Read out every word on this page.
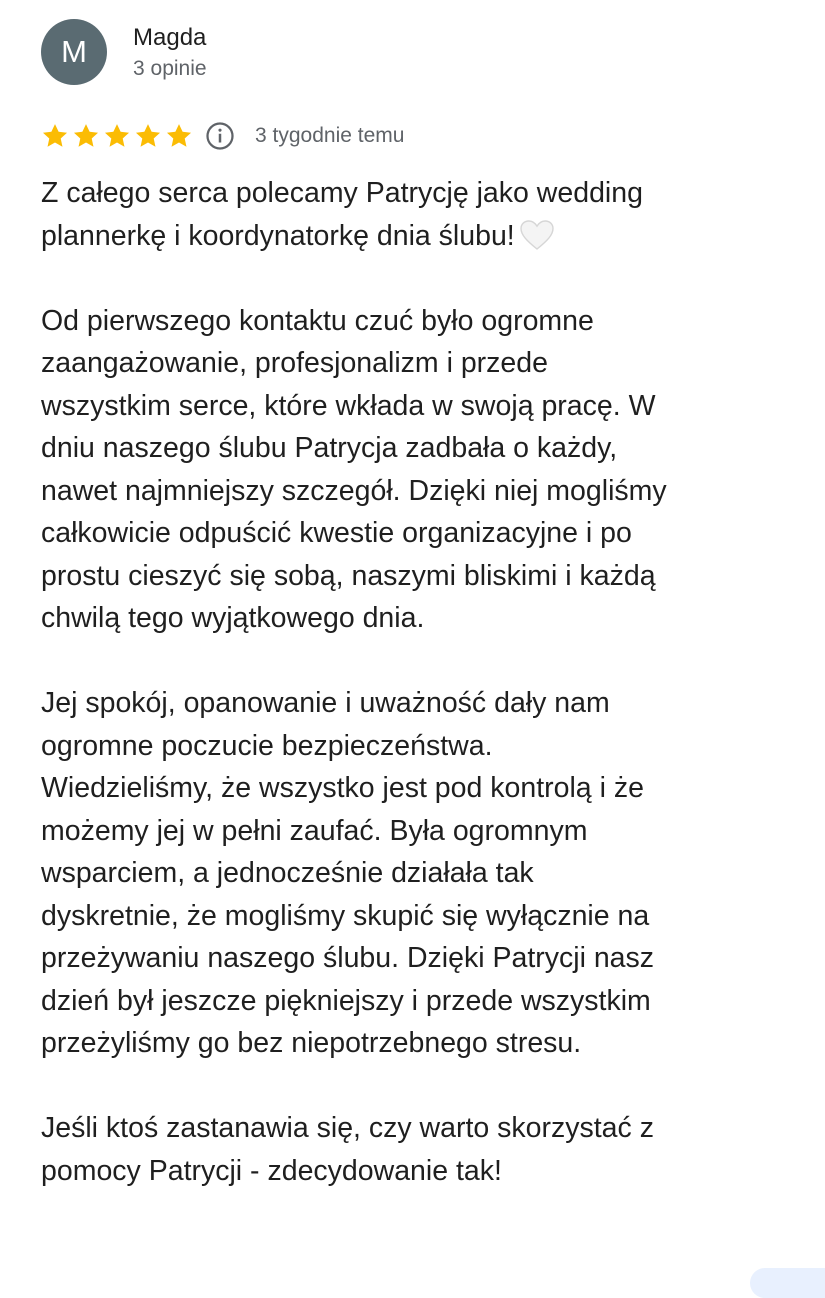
M	Magda
3 opinie
3 tygodnie temu

Z całego serca polecamy Patrycję jako wedding
plannerkę i koordynatorkę dnia ślubu!

Od pierwszego kontaktu czuć było ogromne
zaangażowanie, profesjonalizm i przede
wszystkim serce, które wkłada w swoją pracę. W
dniu naszego ślubu Patrycja zadbała o każdy,
nawet najmniejszy szczegół. Dzięki niej mogliśmy
całkowicie odpuścić kwestie organizacyjne i po
prostu cieszyć się sobą, naszymi bliskimi i każdą
chwilą tego wyjątkowego dnia.

Jej spokój, opanowanie i uważność dały nam
ogromne poczucie bezpieczeństwa.
Wiedzieliśmy, że wszystko jest pod kontrolą i że
możemy jej w pełni zaufać. Była ogromnym
wsparciem, a jednocześnie działała tak
dyskretnie, że mogliśmy skupić się wyłącznie na
przeżywaniu naszego ślubu. Dzięki Patrycji nasz
dzień był jeszcze piękniejszy i przede wszystkim
przeżyliśmy go bez niepotrzebnego stresu.

Jeśli ktoś zastanawia się, czy warto skorzystać z
pomocy Patrycji - zdecydowanie tak!
